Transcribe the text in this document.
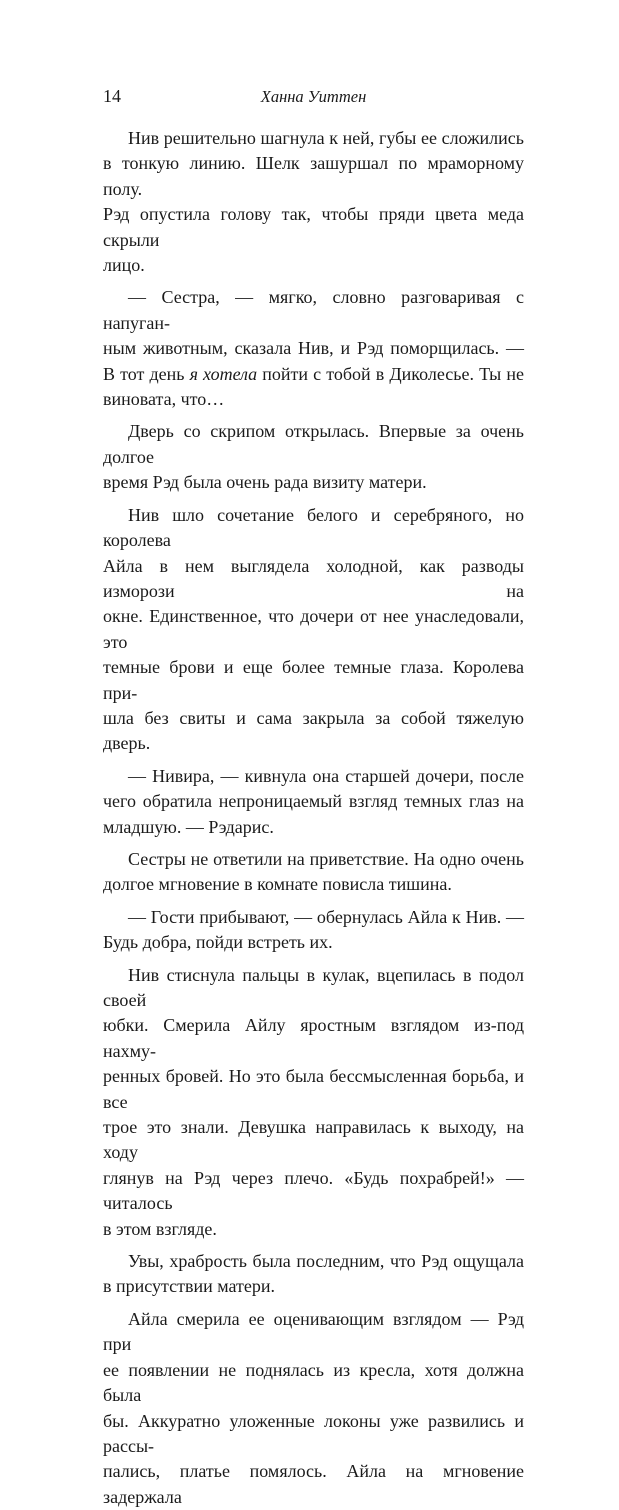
14	Ханна Уиттен

Нив решительно шагнула к ней, губы ее сложились
в тонкую линию. Шелк зашуршал по мраморному полу.
Рэд опустила голову так, чтобы пряди цвета меда скрыли
лицо.

— Сестра, — мягко, словно разговаривая с напуган-
ным животным, сказала Нив, и Рэд поморщилась. —
В тот день я хотела пойти с тобой в Диколесье. Ты не
виновата, что…

Дверь со скрипом открылась. Впервые за очень долгое
время Рэд была очень рада визиту матери.

Нив шло сочетание белого и серебряного, но королева
Айла в нем выглядела холодной, как разводы изморози на
окне. Единственное, что дочери от нее унаследовали, это
темные брови и еще более темные глаза. Королева при-
шла без свиты и сама закрыла за собой тяжелую дверь.

— Нивира, — кивнула она старшей дочери, после
чего обратила непроницаемый взгляд темных глаз на
младшую. — Рэдарис.

Сестры не ответили на приветствие. На одно очень
долгое мгновение в комнате повисла тишина.

— Гости прибывают, — обернулась Айла к Нив. —
Будь добра, пойди встреть их.

Нив стиснула пальцы в кулак, вцепилась в подол своей
юбки. Смерила Айлу яростным взглядом из-под нахму-
ренных бровей. Но это была бессмысленная борьба, и все
трое это знали. Девушка направилась к выходу, на ходу
глянув на Рэд через плечо. «Будь похрабрей!» — читалось
в этом взгляде.

Увы, храбрость была последним, что Рэд ощущала
в присутствии матери.

Айла смерила ее оценивающим взглядом — Рэд при
ее появлении не поднялась из кресла, хотя должна была
бы. Аккуратно уложенные локоны уже развились и рассы-
пались, платье помялось. Айла на мгновение задержала
